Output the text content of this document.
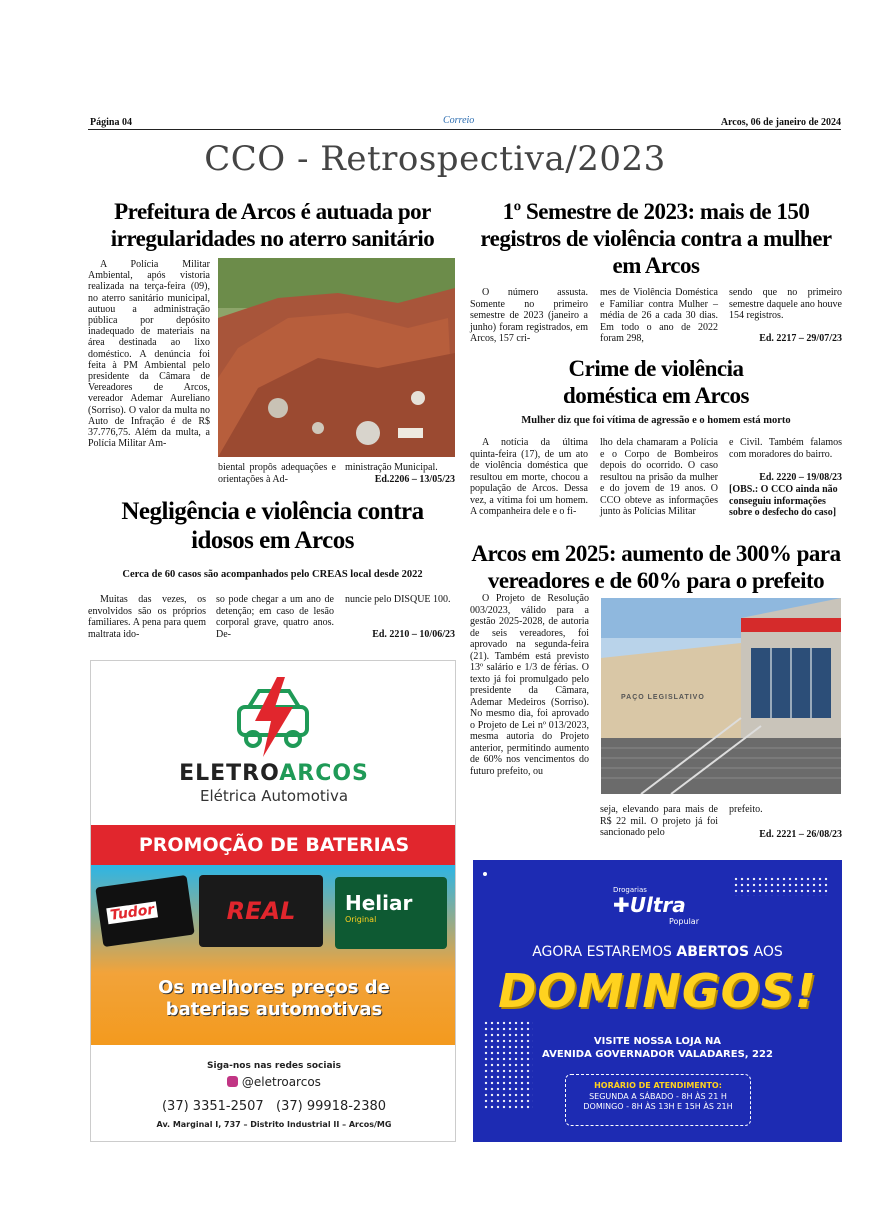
Página 04	Correio	Arcos, 06 de janeiro de 2024
CCO - Retrospectiva/2023
Prefeitura de Arcos é autuada por irregularidades no aterro sanitário
A Polícia Militar Ambiental, após vistoria realizada na terça-feira (09), no aterro sanitário municipal, autuou a administração pública por depósito inadequado de materiais na área destinada ao lixo doméstico. A denúncia foi feita à PM Ambiental pelo presidente da Câmara de Vereadores de Arcos, vereador Ademar Aureliano (Sorriso). O valor da multa no Auto de Infração é de R$ 37.776,75. Além da multa, a Polícia Militar Am-
biental propôs adequações e orientações à Ad-
ministração Municipal.
Ed.2206 – 13/05/23
Negligência e violência contra idosos em Arcos
Cerca de 60 casos são acompanhados pelo CREAS local desde 2022
Muitas das vezes, os envolvidos são os próprios familiares. A pena para quem maltrata ido-
so pode chegar a um ano de detenção; em caso de lesão corporal grave, quatro anos. De-
nuncie pelo DISQUE 100.
Ed. 2210 – 10/06/23
1º Semestre de 2023: mais de 150 registros de violência contra a mulher em Arcos
O número assusta. Somente no primeiro semestre de 2023 (janeiro a junho) foram registrados, em Arcos, 157 cri-
mes de Violência Doméstica e Familiar contra Mulher – média de 26 a cada 30 dias. Em todo o ano de 2022 foram 298,
sendo que no primeiro semestre daquele ano houve 154 registros.
Ed. 2217 – 29/07/23
Crime de violência doméstica em Arcos
Mulher diz que foi vítima de agressão e o homem está morto
A notícia da última quinta-feira (17), de um ato de violência doméstica que resultou em morte, chocou a população de Arcos. Dessa vez, a vítima foi um homem. A companheira dele e o fi-
lho dela chamaram a Polícia e o Corpo de Bombeiros depois do ocorrido. O caso resultou na prisão da mulher e do jovem de 19 anos. O CCO obteve as informações junto às Polícias Militar
e Civil. Também falamos com moradores do bairro.
Ed. 2220 – 19/08/23
[OBS.: O CCO ainda não conseguiu informações sobre o desfecho do caso]
Arcos em 2025: aumento de 300% para vereadores e de 60% para o prefeito
O Projeto de Resolução 003/2023, válido para a gestão 2025-2028, de autoria de seis vereadores, foi aprovado na segunda-feira (21). Também está previsto 13º salário e 1/3 de férias. O texto já foi promulgado pelo presidente da Câmara, Ademar Medeiros (Sorriso). No mesmo dia, foi aprovado o Projeto de Lei nº 013/2023, mesma autoria do Projeto anterior, permitindo aumento de 60% nos vencimentos do futuro prefeito, ou
PAÇO LEGISLATIVO
seja, elevando para mais de R$ 22 mil. O projeto já foi sancionado pelo
prefeito.
Ed. 2221 – 26/08/23
ELETROARCOS
Elétrica Automotiva
PROMOÇÃO DE BATERIAS
Tudor	REAL	Heliar
Original
Os melhores preços de
baterias automotivas
Siga-nos nas redes sociais
@eletroarcos
(37) 3351-2507   (37) 99918-2380
Av. Marginal I, 737 – Distrito Industrial II – Arcos/MG
Drogarias
✚Ultra
Popular
AGORA ESTAREMOS ABERTOS AOS
DOMINGOS!
VISITE NOSSA LOJA NA
AVENIDA GOVERNADOR VALADARES, 222
HORÁRIO DE ATENDIMENTO:
SEGUNDA A SÁBADO - 8H ÀS 21 H
DOMINGO - 8H ÀS 13H E 15H ÀS 21H
